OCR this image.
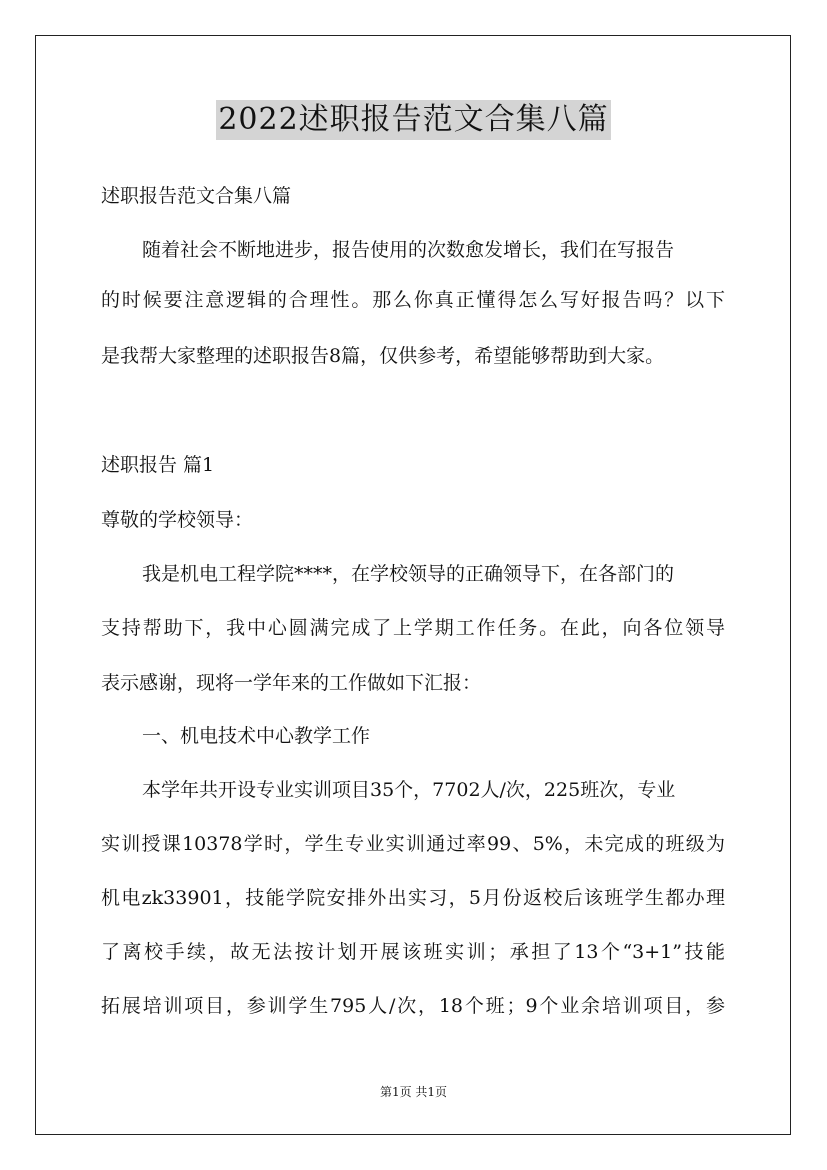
2022述职报告范文合集八篇
述职报告范文合集八篇
随着社会不断地进步，报告使用的次数愈发增长，我们在写报告
的时候要注意逻辑的合理性。那么你真正懂得怎么写好报告吗？以下
是我帮大家整理的述职报告8篇，仅供参考，希望能够帮助到大家。
述职报告 篇1
尊敬的学校领导：
我是机电工程学院****，在学校领导的正确领导下，在各部门的
支持帮助下，我中心圆满完成了上学期工作任务。在此，向各位领导
表示感谢，现将一学年来的工作做如下汇报：
一、机电技术中心教学工作
本学年共开设专业实训项目35个，7702人/次，225班次，专业
实训授课10378学时，学生专业实训通过率99、5%，未完成的班级为
机电zk33901，技能学院安排外出实习，5月份返校后该班学生都办理
了离校手续，故无法按计划开展该班实训；承担了13个“3+1”技能
拓展培训项目，参训学生795人/次，18个班；9个业余培训项目，参
第1页 共1页
